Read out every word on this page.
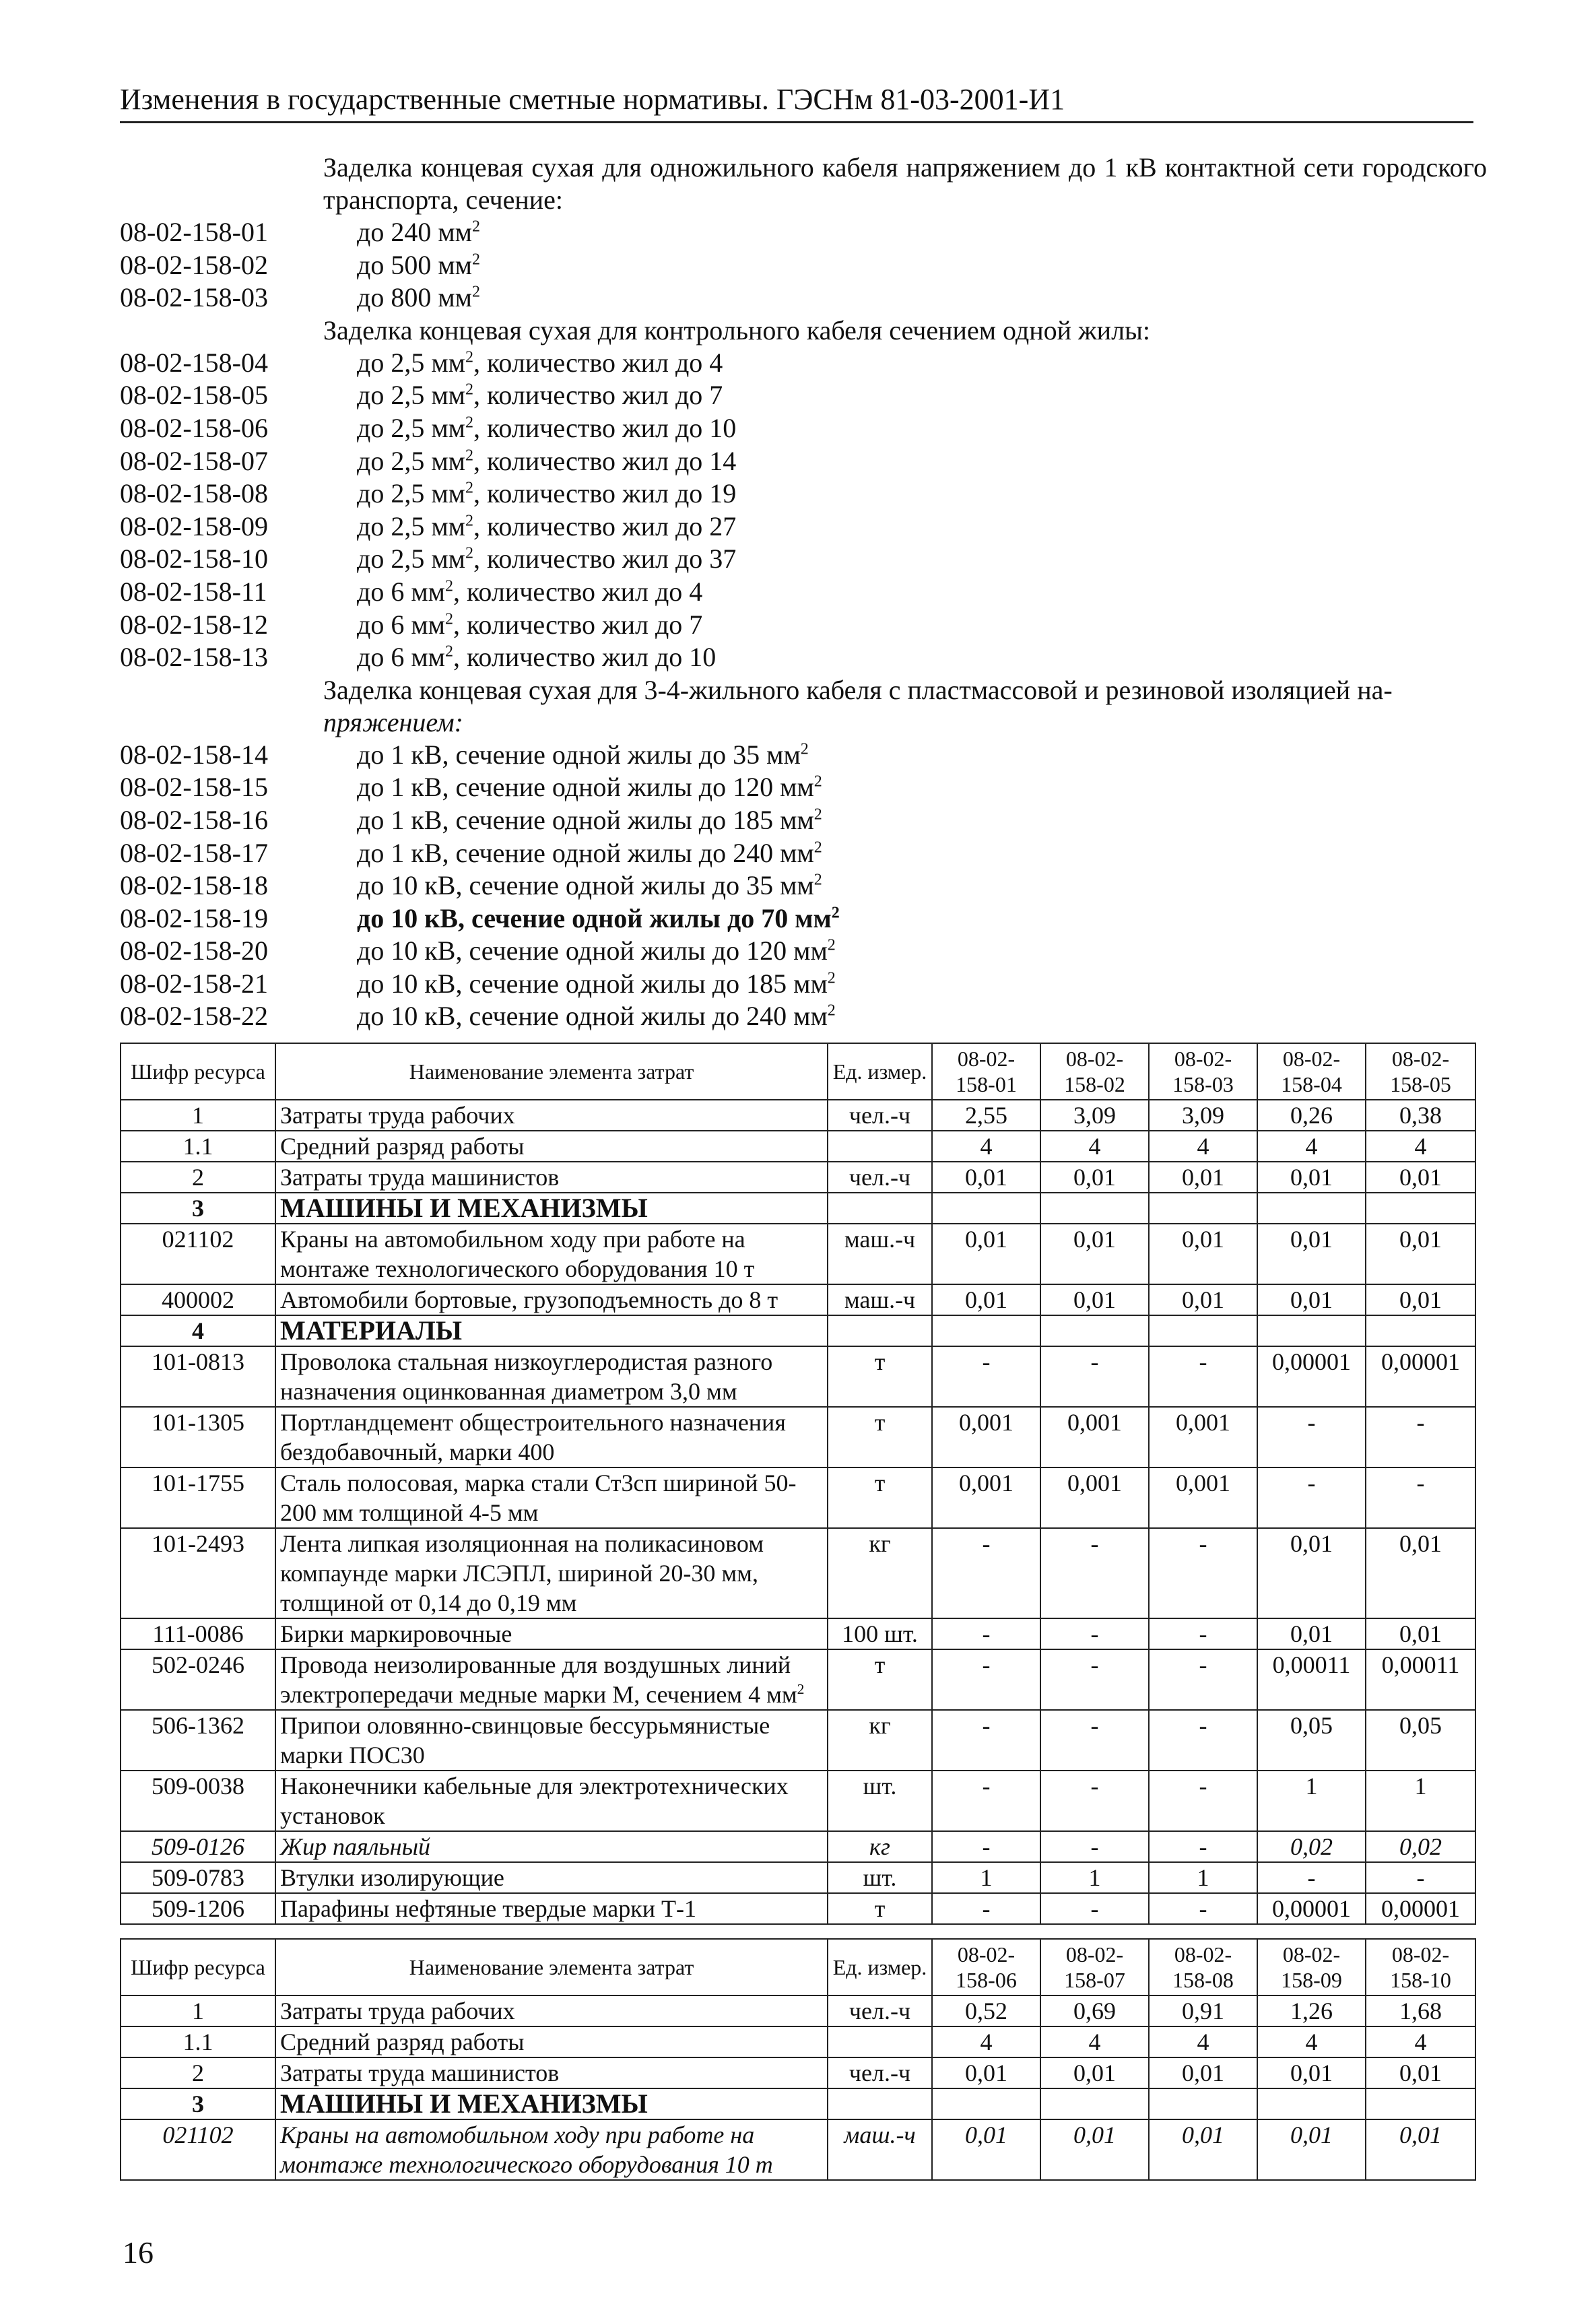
Изменения в государственные сметные нормативы. ГЭСНм 81-03-2001-И1
Заделка концевая сухая для одножильного кабеля напряжением до 1 кВ контактной сети городского транспорта, сечение:
08-02-158-01	до 240 $мм^2$
08-02-158-02	до 500 $мм^2$
08-02-158-03	до 800 $мм^2$
Заделка концевая сухая для контрольного кабеля сечением одной жилы:
08-02-158-04	до 2,5 $мм^2$, количество жил до 4
08-02-158-05	до 2,5 $мм^2$, количество жил до 7
08-02-158-06	до 2,5 $мм^2$, количество жил до 10
08-02-158-07	до 2,5 $мм^2$, количество жил до 14
08-02-158-08	до 2,5 $мм^2$, количество жил до 19
08-02-158-09	до 2,5 $мм^2$, количество жил до 27
08-02-158-10	до 2,5 $мм^2$, количество жил до 37
08-02-158-11	до 6 $мм^2$, количество жил до 4
08-02-158-12	до 6 $мм^2$, количество жил до 7
08-02-158-13	до 6 $мм^2$, количество жил до 10
Заделка концевая сухая для 3-4-жильного кабеля с пластмассовой и резиновой изоляцией на-
пряжением:
08-02-158-14	до 1 кВ, сечение одной жилы до 35 $мм^2$
08-02-158-15	до 1 кВ, сечение одной жилы до 120 $мм^2$
08-02-158-16	до 1 кВ, сечение одной жилы до 185 $мм^2$
08-02-158-17	до 1 кВ, сечение одной жилы до 240 $мм^2$
08-02-158-18	до 10 кВ, сечение одной жилы до 35 $мм^2$
08-02-158-19	до 10 кВ, сечение одной жилы до 70 $мм^2$
08-02-158-20	до 10 кВ, сечение одной жилы до 120 $мм^2$
08-02-158-21	до 10 кВ, сечение одной жилы до 185 $мм^2$
08-02-158-22	до 10 кВ, сечение одной жилы до 240 $мм^2$
Шифр ресурса	Наименование элемента затрат	Ед. измер.	08-02-
158-01	08-02-
158-02	08-02-
158-03	08-02-
158-04	08-02-
158-05
1	Затраты труда рабочих	чел.-ч	2,55	3,09	3,09	0,26	0,38
1.1	Средний разряд работы		4	4	4	4	4
2	Затраты труда машинистов	чел.-ч	0,01	0,01	0,01	0,01	0,01
3	МАШИНЫ И МЕХАНИЗМЫ						
021102	Краны на автомобильном ходу при работе на монтаже технологического оборудования 10 т	маш.-ч	0,01	0,01	0,01	0,01	0,01
400002	Автомобили бортовые, грузоподъемность до 8 т	маш.-ч	0,01	0,01	0,01	0,01	0,01
4	МАТЕРИАЛЫ						
101-0813	Проволока стальная низкоуглеродистая разного назначения оцинкованная диаметром 3,0 мм	т	-	-	-	0,00001	0,00001
101-1305	Портландцемент общестроительного назначения бездобавочный, марки 400	т	0,001	0,001	0,001	-	-
101-1755	Сталь полосовая, марка стали Ст3сп шириной 50-200 мм толщиной 4-5 мм	т	0,001	0,001	0,001	-	-
101-2493	Лента липкая изоляционная на поликасиновом компаунде марки ЛСЭПЛ, шириной 20-30 мм, толщиной от 0,14 до 0,19 мм	кг	-	-	-	0,01	0,01
111-0086	Бирки маркировочные	100 шт.	-	-	-	0,01	0,01
502-0246	Провода неизолированные для воздушных линий электропередачи медные марки М, сечением 4 $мм^2$	т	-	-	-	0,00011	0,00011
506-1362	Припои оловянно-свинцовые бессурьмянистые марки ПОС30	кг	-	-	-	0,05	0,05
509-0038	Наконечники кабельные для электротехнических установок	шт.	-	-	-	1	1
509-0126	Жир паяльный	кг	-	-	-	0,02	0,02
509-0783	Втулки изолирующие	шт.	1	1	1	-	-
509-1206	Парафины нефтяные твердые марки Т-1	т	-	-	-	0,00001	0,00001
Шифр ресурса	Наименование элемента затрат	Ед. измер.	08-02-
158-06	08-02-
158-07	08-02-
158-08	08-02-
158-09	08-02-
158-10
1	Затраты труда рабочих	чел.-ч	0,52	0,69	0,91	1,26	1,68
1.1	Средний разряд работы		4	4	4	4	4
2	Затраты труда машинистов	чел.-ч	0,01	0,01	0,01	0,01	0,01
3	МАШИНЫ И МЕХАНИЗМЫ						
021102	Краны на автомобильном ходу при работе на монтаже технологического оборудования 10 т	маш.-ч	0,01	0,01	0,01	0,01	0,01
16
